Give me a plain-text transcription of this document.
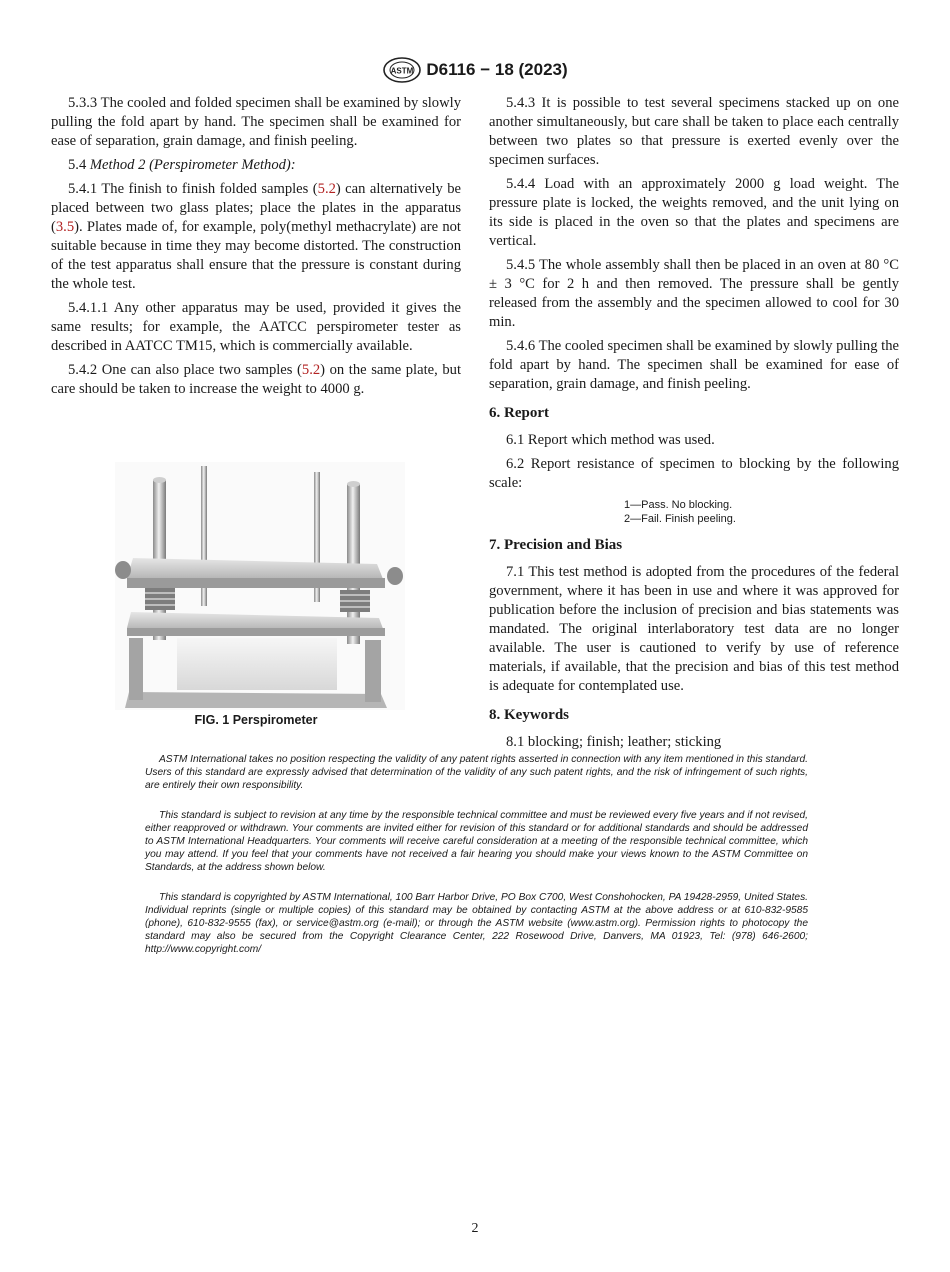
ASTM D6116 − 18 (2023)

5.3.3 The cooled and folded specimen shall be examined by slowly pulling the fold apart by hand. The specimen shall be examined for ease of separation, grain damage, and finish peeling.

5.4 Method 2 (Perspirometer Method):

5.4.1 The finish to finish folded samples (5.2) can alternatively be placed between two glass plates; place the plates in the apparatus (3.5). Plates made of, for example, poly(methyl methacrylate) are not suitable because in time they may become distorted. The construction of the test apparatus shall ensure that the pressure is constant during the whole test.

5.4.1.1 Any other apparatus may be used, provided it gives the same results; for example, the AATCC perspirometer tester as described in AATCC TM15, which is commercially available.

5.4.2 One can also place two samples (5.2) on the same plate, but care should be taken to increase the weight to 4000 g.

FIG. 1 Perspirometer

5.4.3 It is possible to test several specimens stacked up on one another simultaneously, but care shall be taken to place each centrally between two plates so that pressure is exerted evenly over the specimen surfaces.

5.4.4 Load with an approximately 2000 g load weight. The pressure plate is locked, the weights removed, and the unit lying on its side is placed in the oven so that the plates and specimens are vertical.

5.4.5 The whole assembly shall then be placed in an oven at 80 °C ± 3 °C for 2 h and then removed. The pressure shall be gently released from the assembly and the specimen allowed to cool for 30 min.

5.4.6 The cooled specimen shall be examined by slowly pulling the fold apart by hand. The specimen shall be examined for ease of separation, grain damage, and finish peeling.

6. Report

6.1 Report which method was used.

6.2 Report resistance of specimen to blocking by the following scale:

1—Pass. No blocking.
2—Fail. Finish peeling.
7. Precision and Bias

7.1 This test method is adopted from the procedures of the federal government, where it has been in use and where it was approved for publication before the inclusion of precision and bias statements was mandated. The original interlaboratory test data are no longer available. The user is cautioned to verify by use of reference materials, if available, that the precision and bias of this test method is adequate for contemplated use.

8. Keywords

8.1 blocking; finish; leather; sticking

ASTM International takes no position respecting the validity of any patent rights asserted in connection with any item mentioned in this standard. Users of this standard are expressly advised that determination of the validity of any such patent rights, and the risk of infringement of such rights, are entirely their own responsibility.

This standard is subject to revision at any time by the responsible technical committee and must be reviewed every five years and if not revised, either reapproved or withdrawn. Your comments are invited either for revision of this standard or for additional standards and should be addressed to ASTM International Headquarters. Your comments will receive careful consideration at a meeting of the responsible technical committee, which you may attend. If you feel that your comments have not received a fair hearing you should make your views known to the ASTM Committee on Standards, at the address shown below.

This standard is copyrighted by ASTM International, 100 Barr Harbor Drive, PO Box C700, West Conshohocken, PA 19428-2959, United States. Individual reprints (single or multiple copies) of this standard may be obtained by contacting ASTM at the above address or at 610-832-9585 (phone), 610-832-9555 (fax), or service@astm.org (e-mail); or through the ASTM website (www.astm.org). Permission rights to photocopy the standard may also be secured from the Copyright Clearance Center, 222 Rosewood Drive, Danvers, MA 01923, Tel: (978) 646-2600; http://www.copyright.com/

2
